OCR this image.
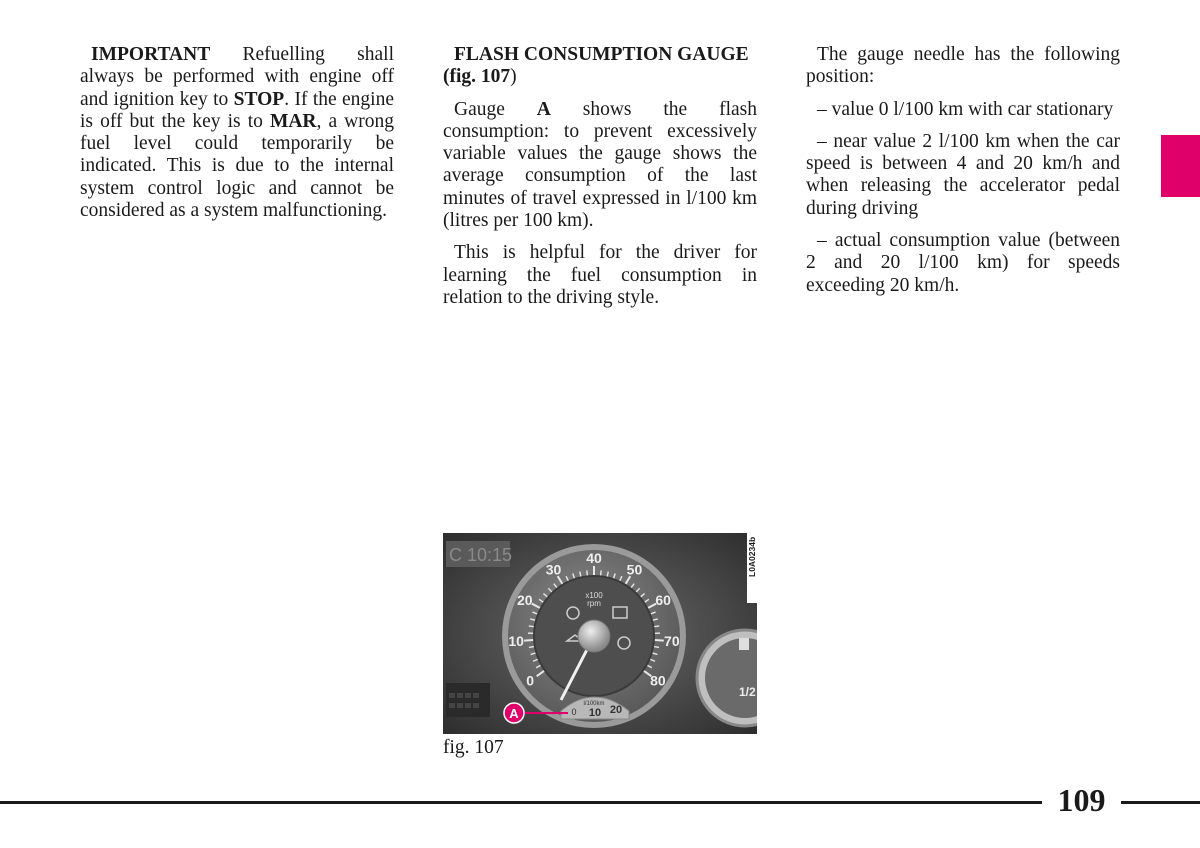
IMPORTANT Refuelling shall always be performed with engine off and ignition key to STOP. If the engine is off but the key is to MAR, a wrong fuel level could temporarily be indicated. This is due to the internal system control logic and cannot be considered as a system malfunctioning.

FLASH CONSUMPTION GAUGE
(fig. 107)

Gauge A shows the flash consumption: to prevent excessively variable values the gauge shows the average consumption of the last minutes of travel expressed in l/100 km (litres per 100 km).

This is helpful for the driver for learning the fuel consumption in relation to the driving style.

The gauge needle has the following position:

– value 0 l/100 km with car stationary

– near value 2 l/100 km when the car speed is between 4 and 20 km/h and when releasing the accelerator pedal during driving

– actual consumption value (between 2 and 20 l/100 km) for speeds exceeding 20 km/h.

C 10:15
0
10
20
30
40
50
60
70
80
x100
rpm
l/100km
0 10 20
1/2
A
L0A0234b
fig. 107
109
